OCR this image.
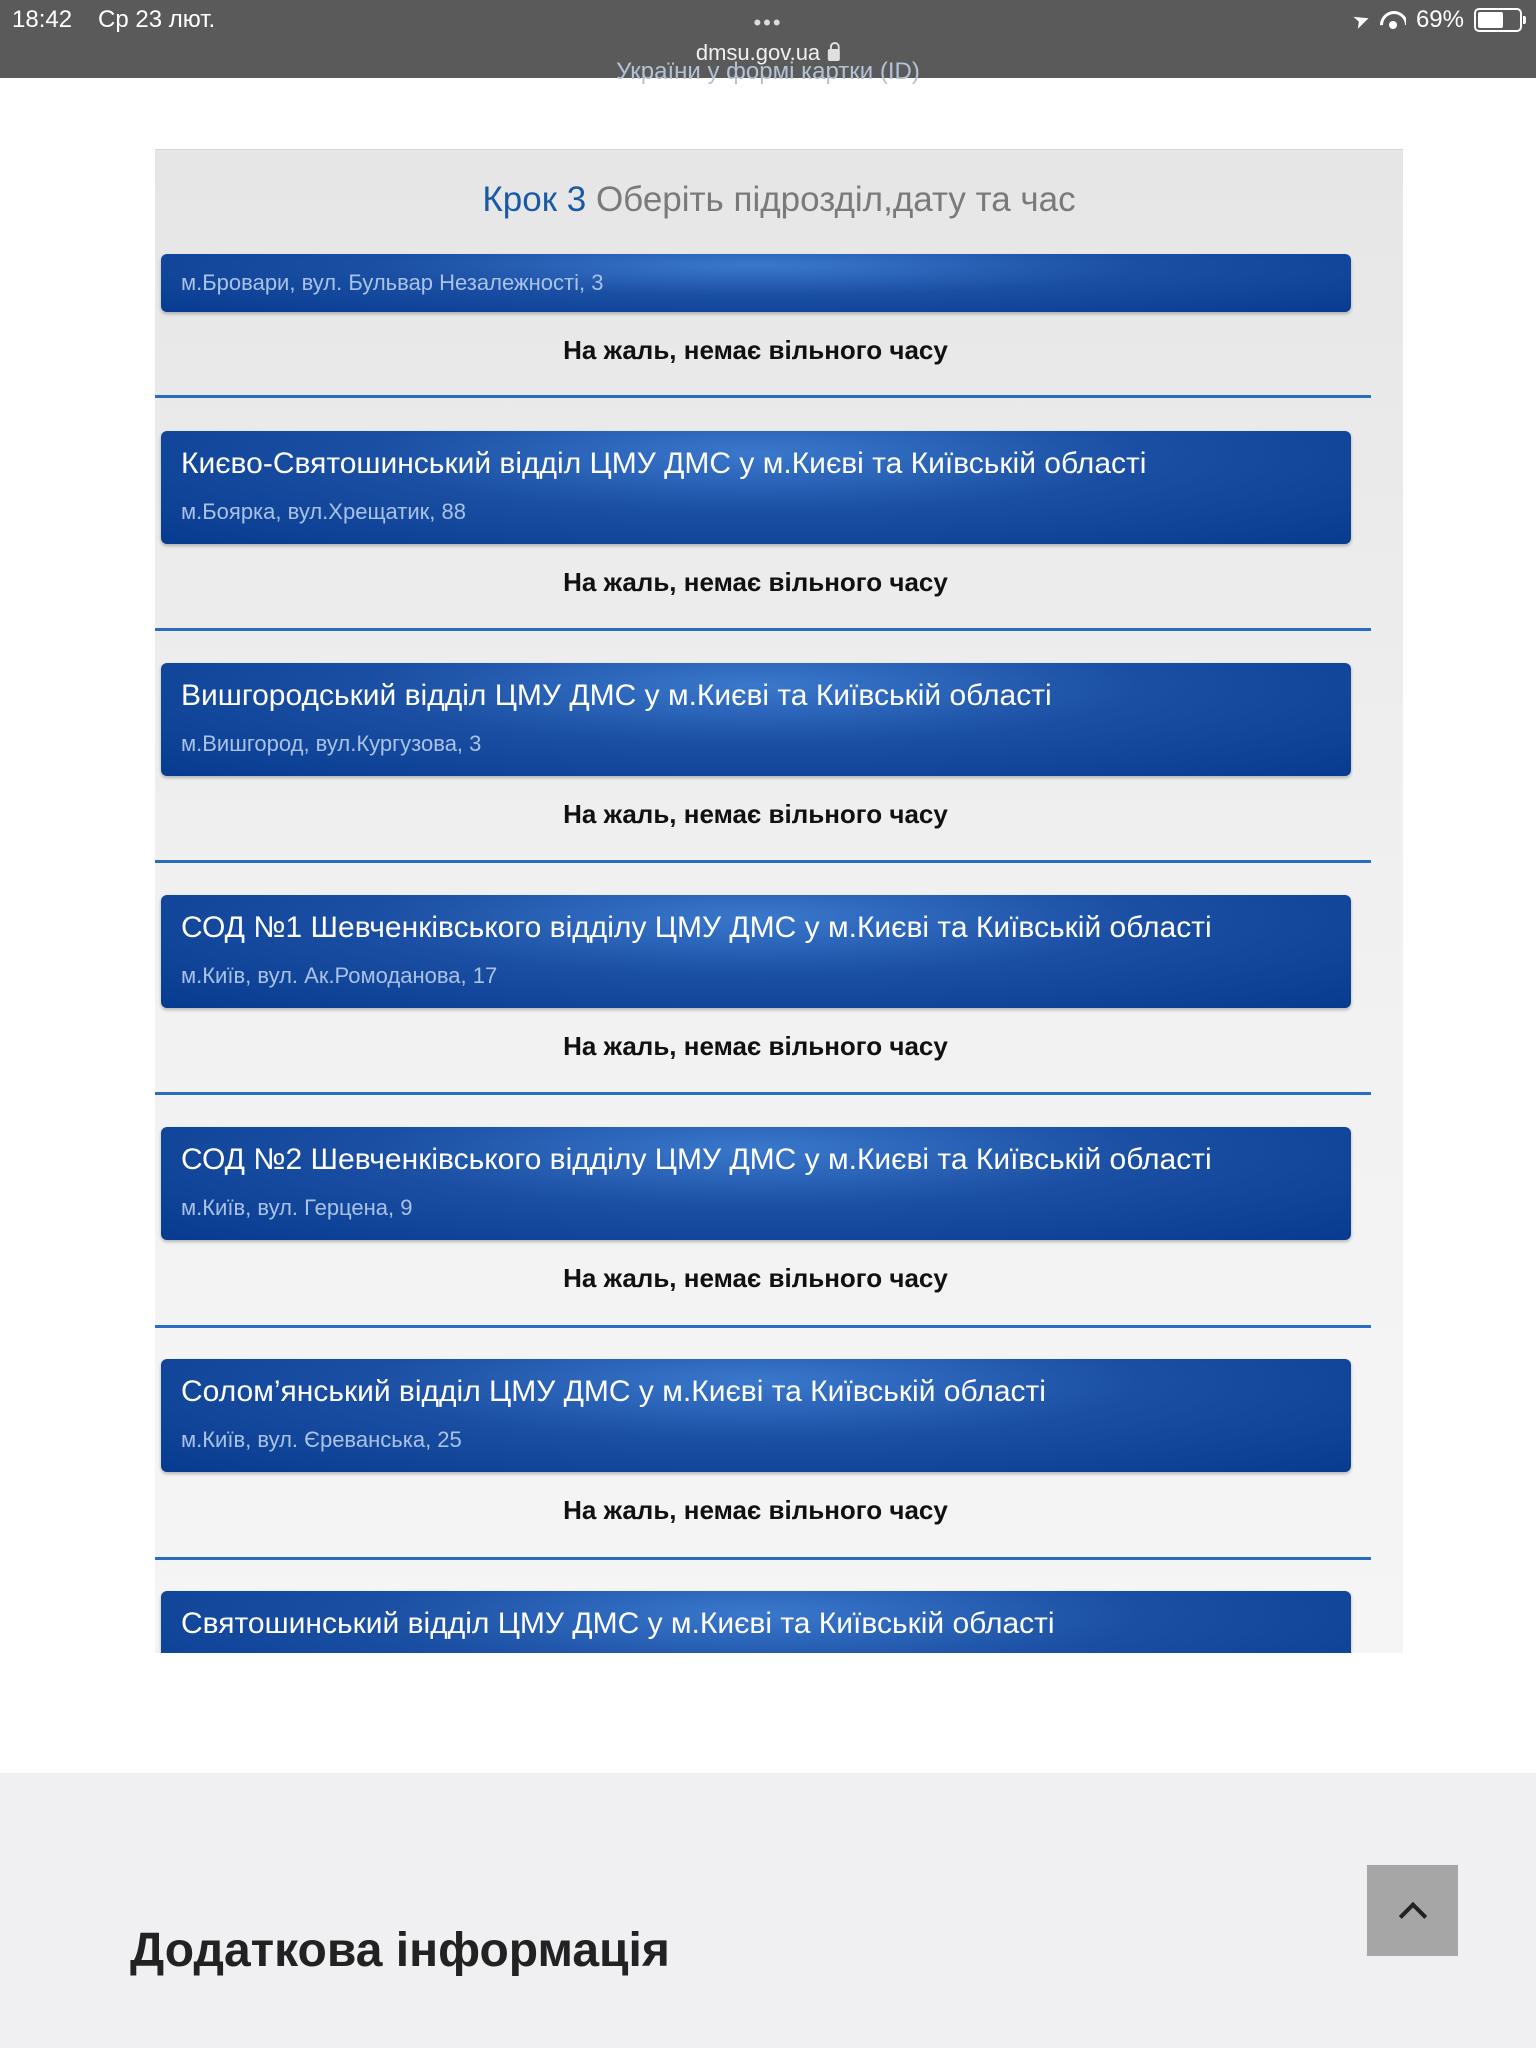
18:42 Ср 23 лют.	•••
dmsu.gov.ua
➤ 69%
України у формі картки (ID)
Крок 3 Оберіть підрозділ,дату та час
м.Бровари, вул. Бульвар Незалежності, 3
На жаль, немає вільного часу
Києво-Святошинський відділ ЦМУ ДМС у м.Києві та Київській області
м.Боярка, вул.Хрещатик, 88
На жаль, немає вільного часу
Вишгородський відділ ЦМУ ДМС у м.Києві та Київській області
м.Вишгород, вул.Кургузова, 3
На жаль, немає вільного часу
СОД №1 Шевченківського відділу ЦМУ ДМС у м.Києві та Київській області
м.Київ, вул. Ак.Ромоданова, 17
На жаль, немає вільного часу
СОД №2 Шевченківського відділу ЦМУ ДМС у м.Києві та Київській області
м.Київ, вул. Герцена, 9
На жаль, немає вільного часу
Солом’янський відділ ЦМУ ДМС у м.Києві та Київській області
м.Київ, вул. Єреванська, 25
На жаль, немає вільного часу
Святошинський відділ ЦМУ ДМС у м.Києві та Київській області
Додаткова інформація
